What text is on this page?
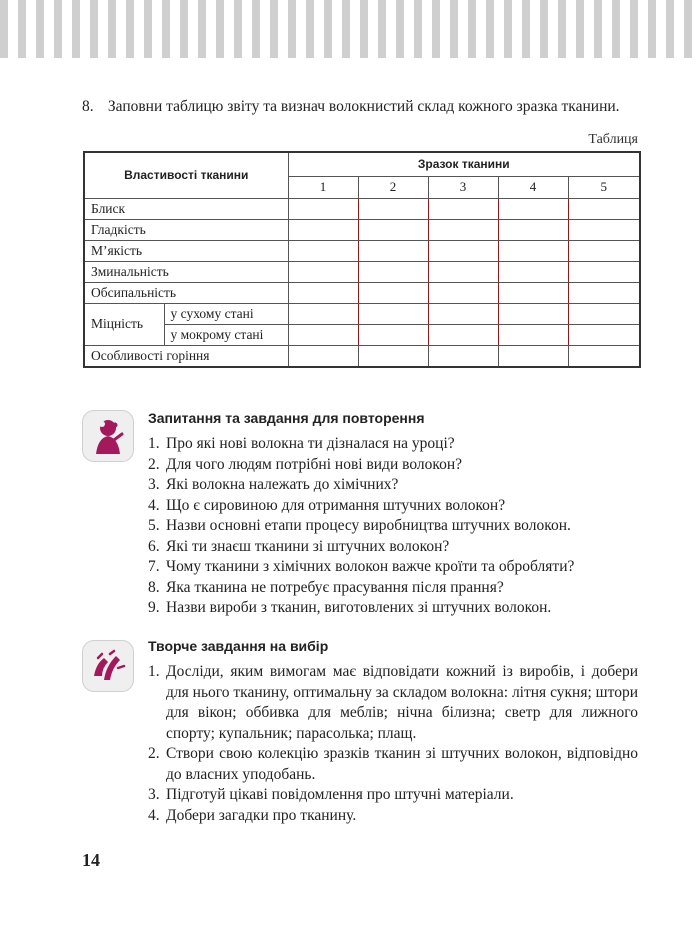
8. Заповни таблицю звіту та визнач волокнистий склад кожного зразка тканини.
Таблиця
Властивості тканини		Зразок тканини				
		1	2	3	4	5
Блиск						
Гладкість						
М’якість						
Зминальність						
Обсипальність						
Міцність	у сухому стані					
	у мокрому стані					
Особливості горіння						
Запитання та завдання для повторення
1. Про які нові волокна ти дізналася на уроці?
2. Для чого людям потрібні нові види волокон?
3. Які волокна належать до хімічних?
4. Що є сировиною для отримання штучних волокон?
5. Назви основні етапи процесу виробництва штучних волокон.
6. Які ти знаєш тканини зі штучних волокон?
7. Чому тканини з хімічних волокон важче кроїти та обробляти?
8. Яка тканина не потребує прасування після прання?
9. Назви вироби з тканин, виготовлених зі штучних волокон.
Творче завдання на вибір
1. Досліди, яким вимогам має відповідати кожний із виробів, і добери для нього тканину, оптимальну за складом волокна: літня сукня; штори для вікон; оббивка для меблів; нічна білизна; светр для лижного спорту; купальник; парасолька; плащ.
2. Створи свою колекцію зразків тканин зі штучних волокон, відповідно до власних уподобань.
3. Підготуй цікаві повідомлення про штучні матеріали.
4. Добери загадки про тканину.
14
